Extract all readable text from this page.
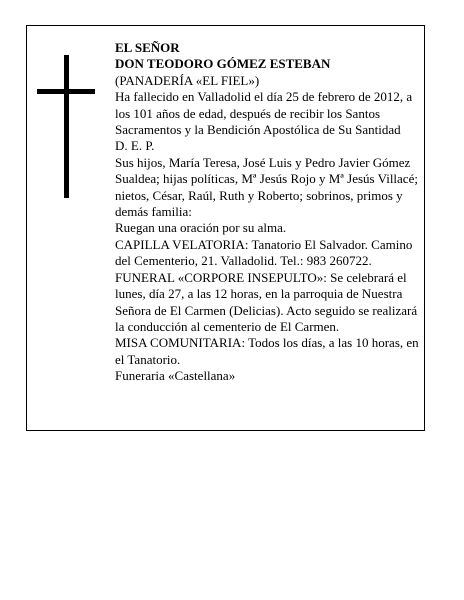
EL SEÑOR

DON TEODORO GÓMEZ ESTEBAN

(PANADERÍA «EL FIEL»)

Ha fallecido en Valladolid el día 25 de febrero de 2012, a los 101 años de edad, después de recibir los Santos Sacramentos y la Bendición Apostólica de Su Santidad

D. E. P.

Sus hijos, María Teresa, José Luis y Pedro Javier Gómez Sualdea; hijas políticas, Mª Jesús Rojo y Mª Jesús Villacé; nietos, César, Raúl, Ruth y Roberto; sobrinos, primos y demás familia:

Ruegan una oración por su alma.

CAPILLA VELATORIA: Tanatorio El Salvador. Camino del Cementerio, 21. Valladolid. Tel.: 983 260722.

FUNERAL «CORPORE INSEPULTO»: Se celebrará el lunes, día 27, a las 12 horas, en la parroquia de Nuestra Señora de El Carmen (Delicias). Acto seguido se realizará la conducción al cementerio de El Carmen.

MISA COMUNITARIA: Todos los días, a las 10 horas, en el Tanatorio.

Funeraria «Castellana»
